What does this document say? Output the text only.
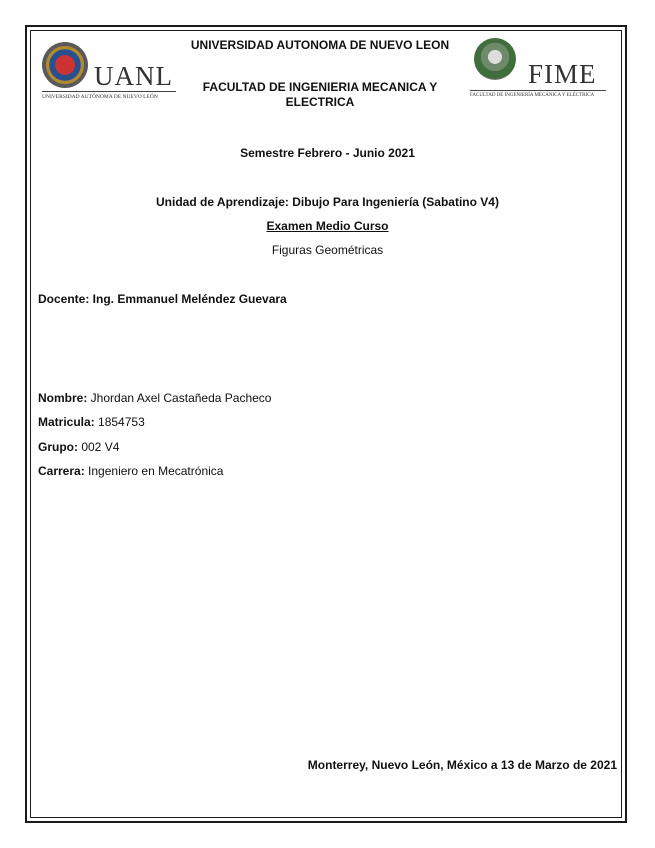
UANL
UNIVERSIDAD AUTÓNOMA DE NUEVO LEÓN
UNIVERSIDAD AUTONOMA DE NUEVO LEON
FACULTAD DE INGENIERIA MECANICA Y ELECTRICA
FIME
FACULTAD DE INGENIERÍA MECÁNICA Y ELÉCTRICA
Semestre Febrero - Junio 2021
Unidad de Aprendizaje: Dibujo Para Ingeniería (Sabatino V4)
Examen Medio Curso
Figuras Geométricas
Docente: Ing. Emmanuel Meléndez Guevara
Nombre: Jhordan Axel Castañeda Pacheco
Matricula: 1854753
Grupo: 002 V4
Carrera: Ingeniero en Mecatrónica
Monterrey, Nuevo León, México a 13 de Marzo de 2021
